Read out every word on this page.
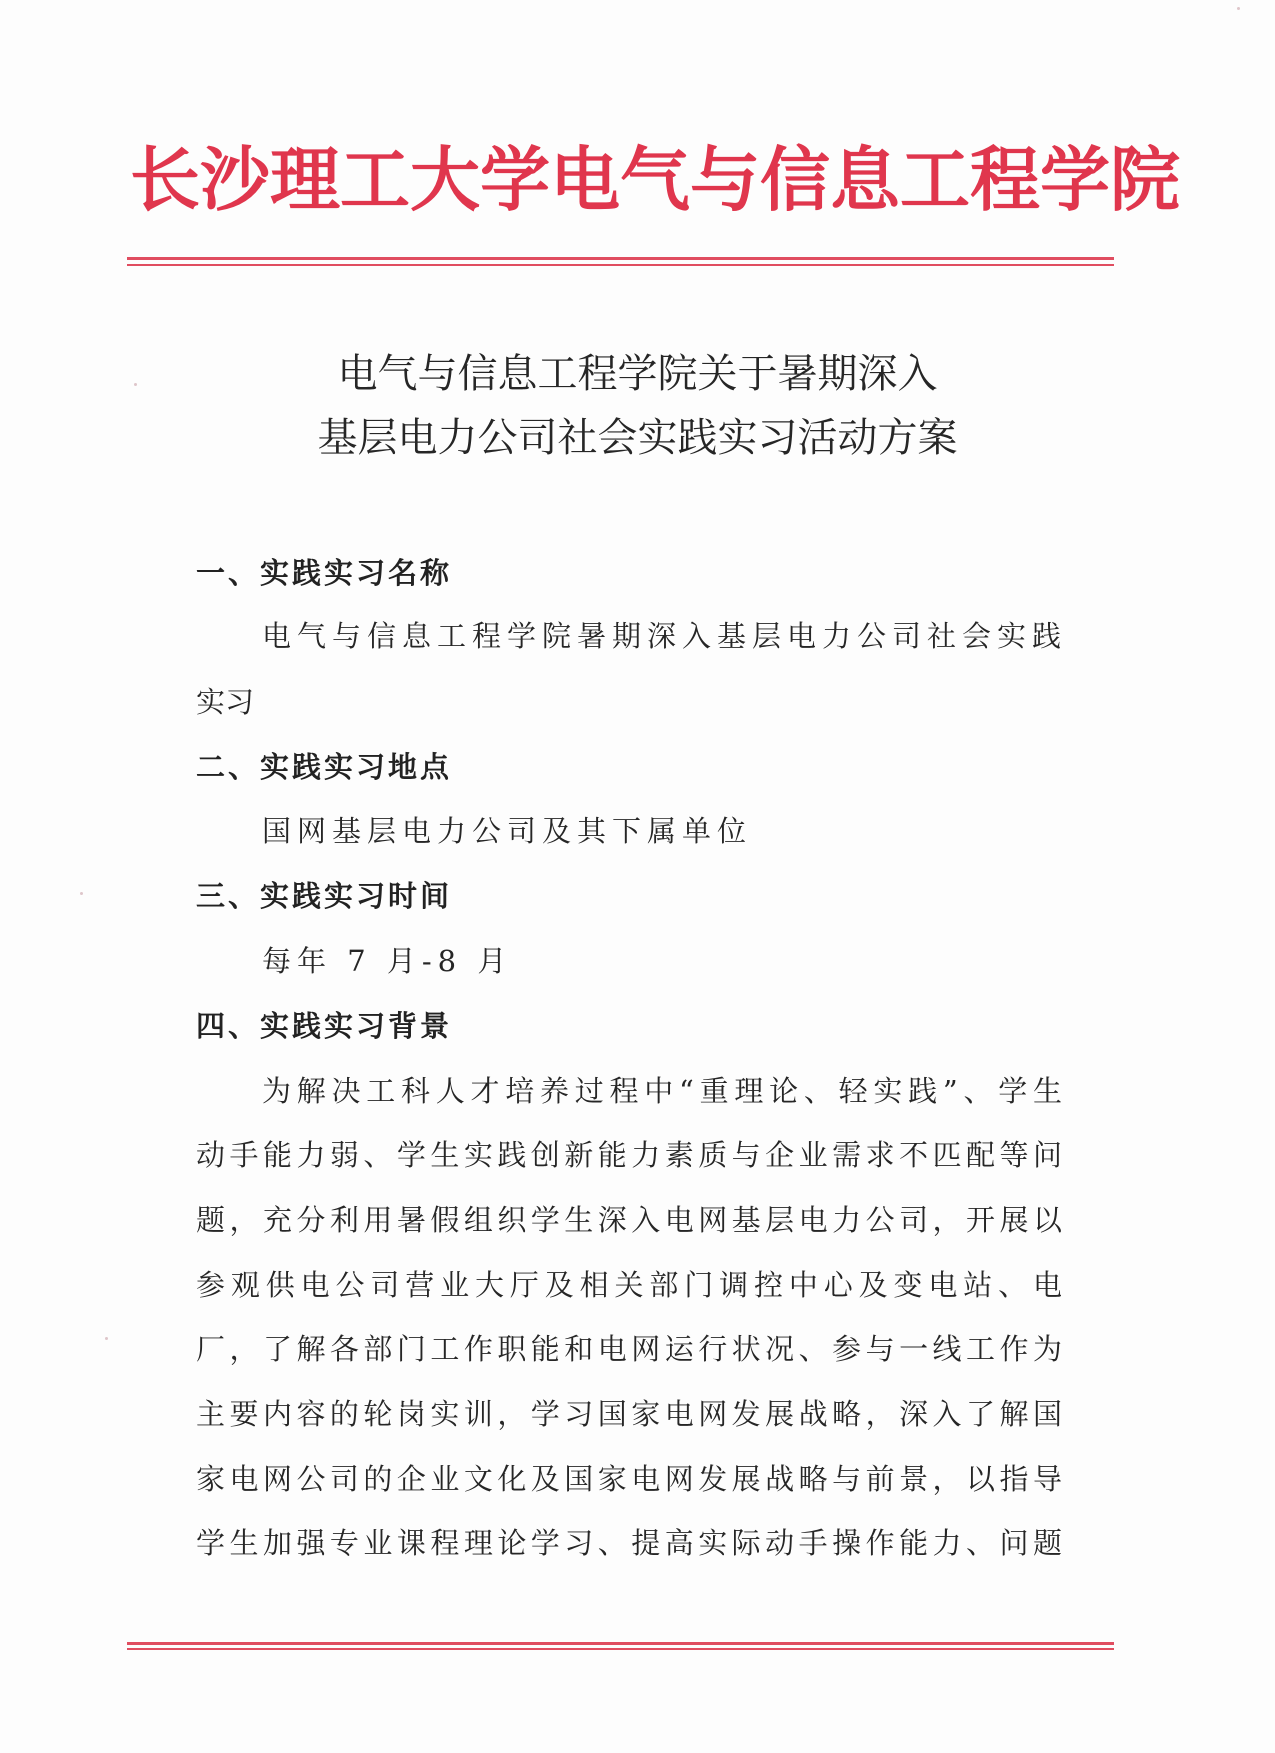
长沙理工大学电气与信息工程学院
电气与信息工程学院关于暑期深入
基层电力公司社会实践实习活动方案
一、实践实习名称
电气与信息工程学院暑期深入基层电力公司社会实践
实习
二、实践实习地点
国网基层电力公司及其下属单位
三、实践实习时间
每年 7 月-8 月
四、实践实习背景
为解决工科人才培养过程中“重理论、轻实践”、学生
动手能力弱、学生实践创新能力素质与企业需求不匹配等问
题，充分利用暑假组织学生深入电网基层电力公司，开展以
参观供电公司营业大厅及相关部门调控中心及变电站、电
厂，了解各部门工作职能和电网运行状况、参与一线工作为
主要内容的轮岗实训，学习国家电网发展战略，深入了解国
家电网公司的企业文化及国家电网发展战略与前景，以指导
学生加强专业课程理论学习、提高实际动手操作能力、问题
